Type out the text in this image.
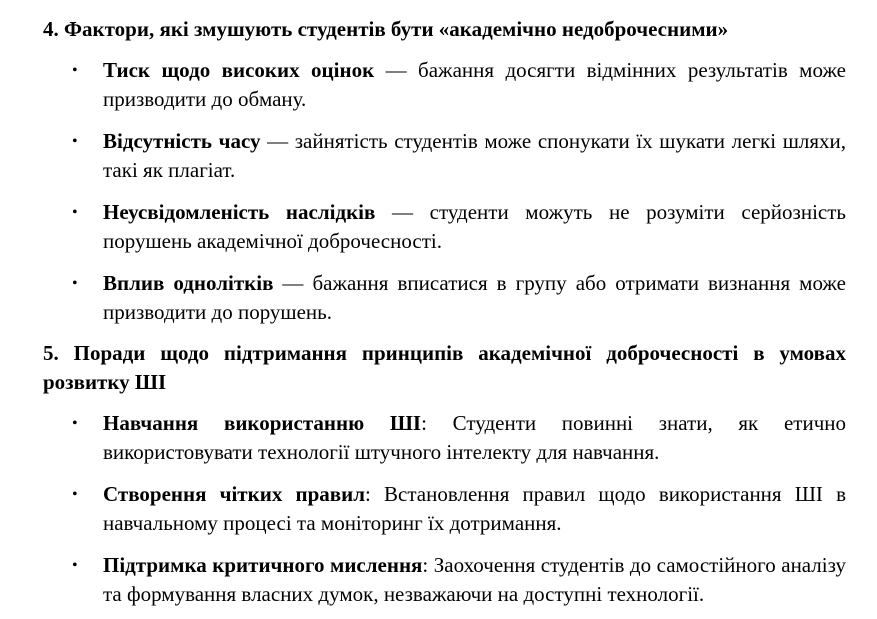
4. Фактори, які змушують студентів бути «академічно недоброчесними»

• Тиск щодо високих оцінок — бажання досягти відмінних результатів може призводити до обману.
• Відсутність часу — зайнятість студентів може спонукати їх шукати легкі шляхи, такі як плагіат.
• Неусвідомленість наслідків — студенти можуть не розуміти серйозність порушень академічної доброчесності.
• Вплив однолітків — бажання вписатися в групу або отримати визнання може призводити до порушень.

5. Поради щодо підтримання принципів академічної доброчесності в умовах розвитку ШІ

• Навчання використанню ШІ: Студенти повинні знати, як етично використовувати технології штучного інтелекту для навчання.
• Створення чітких правил: Встановлення правил щодо використання ШІ в навчальному процесі та моніторинг їх дотримання.
• Підтримка критичного мислення: Заохочення студентів до самостійного аналізу та формування власних думок, незважаючи на доступні технології.
